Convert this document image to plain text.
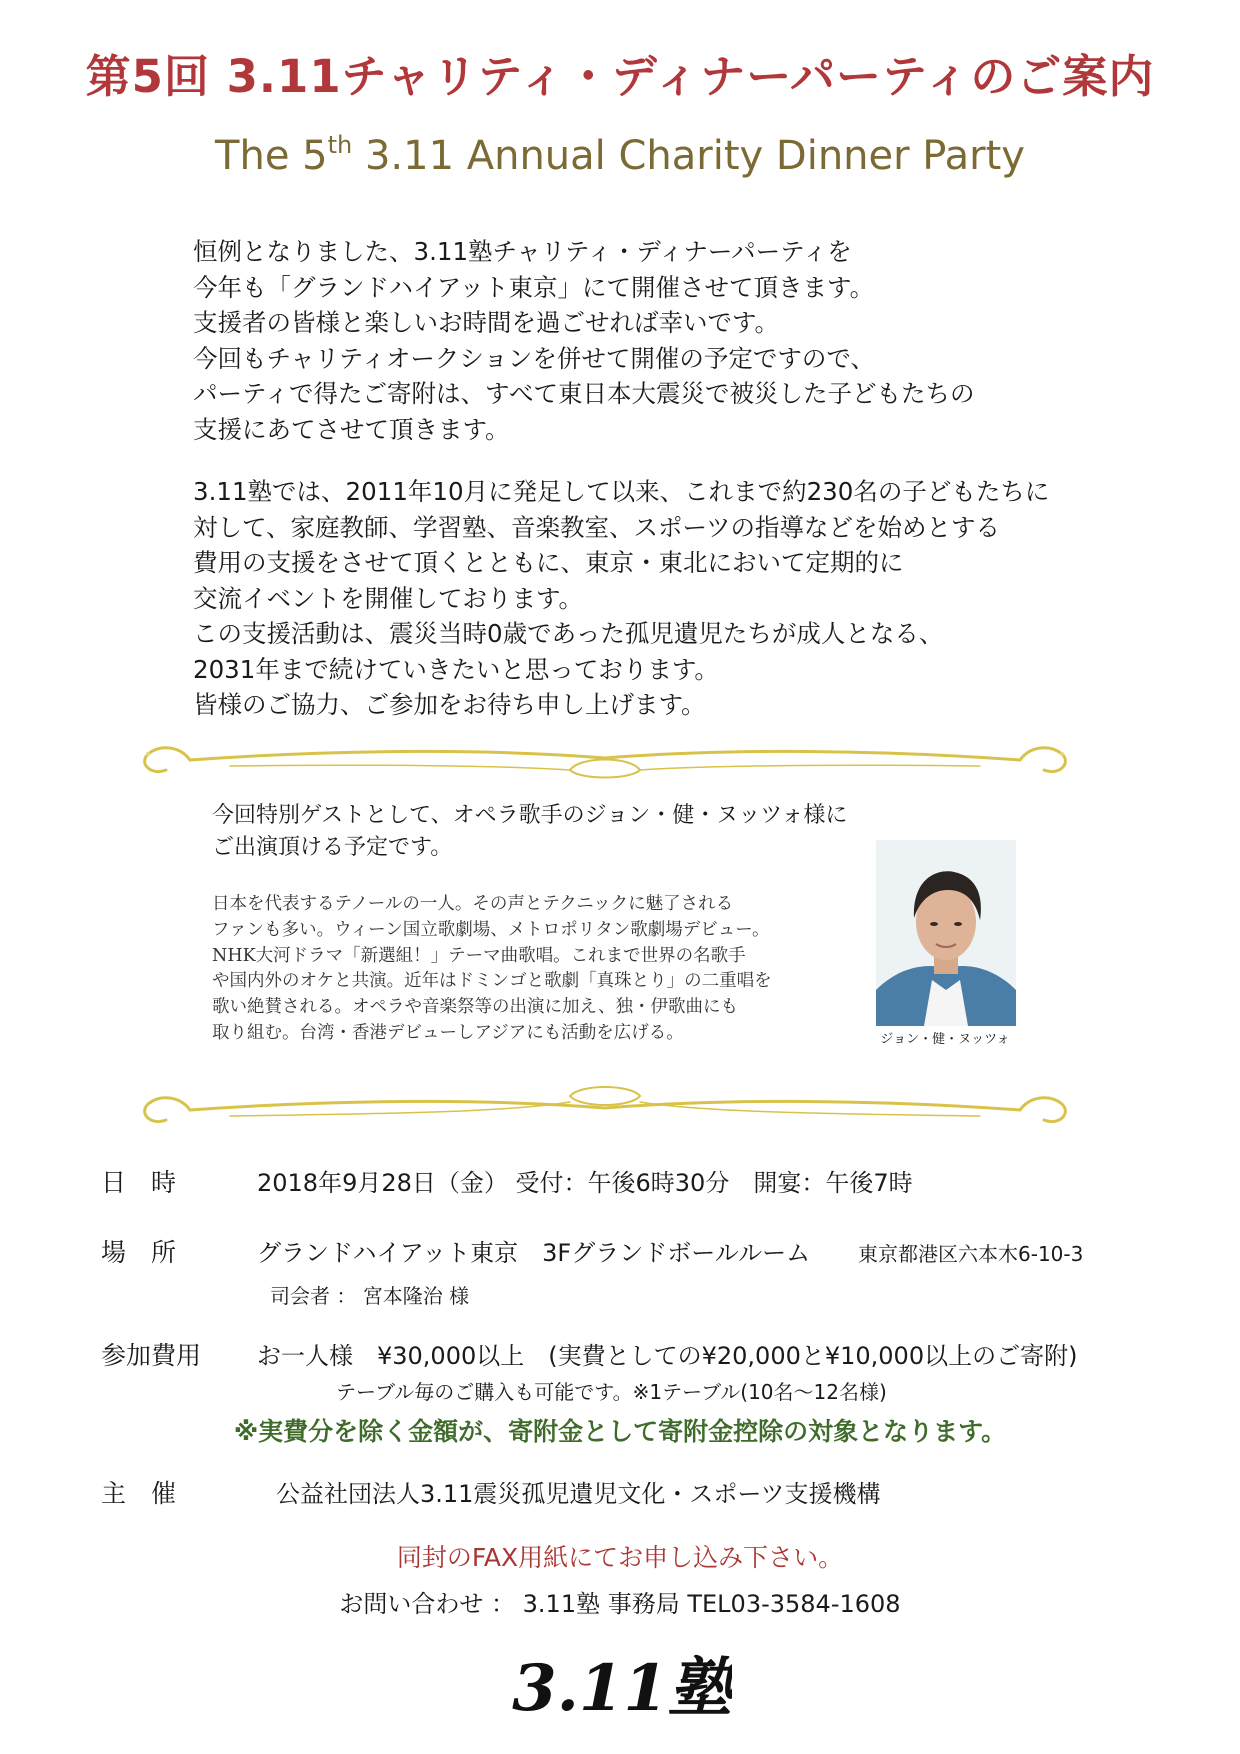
第5回 3.11チャリティ・ディナーパーティのご案内
The 5th 3.11 Annual Charity Dinner Party

恒例となりました、3.11塾チャリティ・ディナーパーティを

今年も「グランドハイアット東京」にて開催させて頂きます。

支援者の皆様と楽しいお時間を過ごせれば幸いです。

今回もチャリティオークションを併せて開催の予定ですので、

パーティで得たご寄附は、すべて東日本大震災で被災した子どもたちの

支援にあてさせて頂きます。

3.11塾では、2011年10月に発足して以来、これまで約230名の子どもたちに

対して、家庭教師、学習塾、音楽教室、スポーツの指導などを始めとする

費用の支援をさせて頂くとともに、東京・東北において定期的に

交流イベントを開催しております。

この支援活動は、震災当時0歳であった孤児遺児たちが成人となる、

2031年まで続けていきたいと思っております。

皆様のご協力、ご参加をお待ち申し上げます。

今回特別ゲストとして、オペラ歌手のジョン・健・ヌッツォ様に

ご出演頂ける予定です。

日本を代表するテノールの一人。その声とテクニックに魅了される

ファンも多い。ウィーン国立歌劇場、メトロポリタン歌劇場デビュー。

NHK大河ドラマ「新選組！」テーマ曲歌唱。これまで世界の名歌手

や国内外のオケと共演。近年はドミンゴと歌劇「真珠とり」の二重唱を

歌い絶賛される。オペラや音楽祭等の出演に加え、独・伊歌曲にも

取り組む。台湾・香港デビューしアジアにも活動を広げる。	ジョン・健・ヌッツォ
日　時	2018年9月28日（金） 受付：午後6時30分　開宴：午後7時
場　所	グランドハイアット東京　3Fグランドボールルーム 東京都港区六本木6-10-3
司会者 ： 宮本隆治 様
参加費用 お一人様　¥30,000以上　(実費としての¥20,000と¥10,000以上のご寄附)
テーブル毎のご購入も可能です。※1テーブル(10名～12名様)
※実費分を除く金額が、寄附金として寄附金控除の対象となります。
主　催	公益社団法人3.11震災孤児遺児文化・スポーツ支援機構
同封のFAX用紙にてお申し込み下さい。
お問い合わせ ： 3.11塾 事務局 TEL03-3584-1608
3.11塾
